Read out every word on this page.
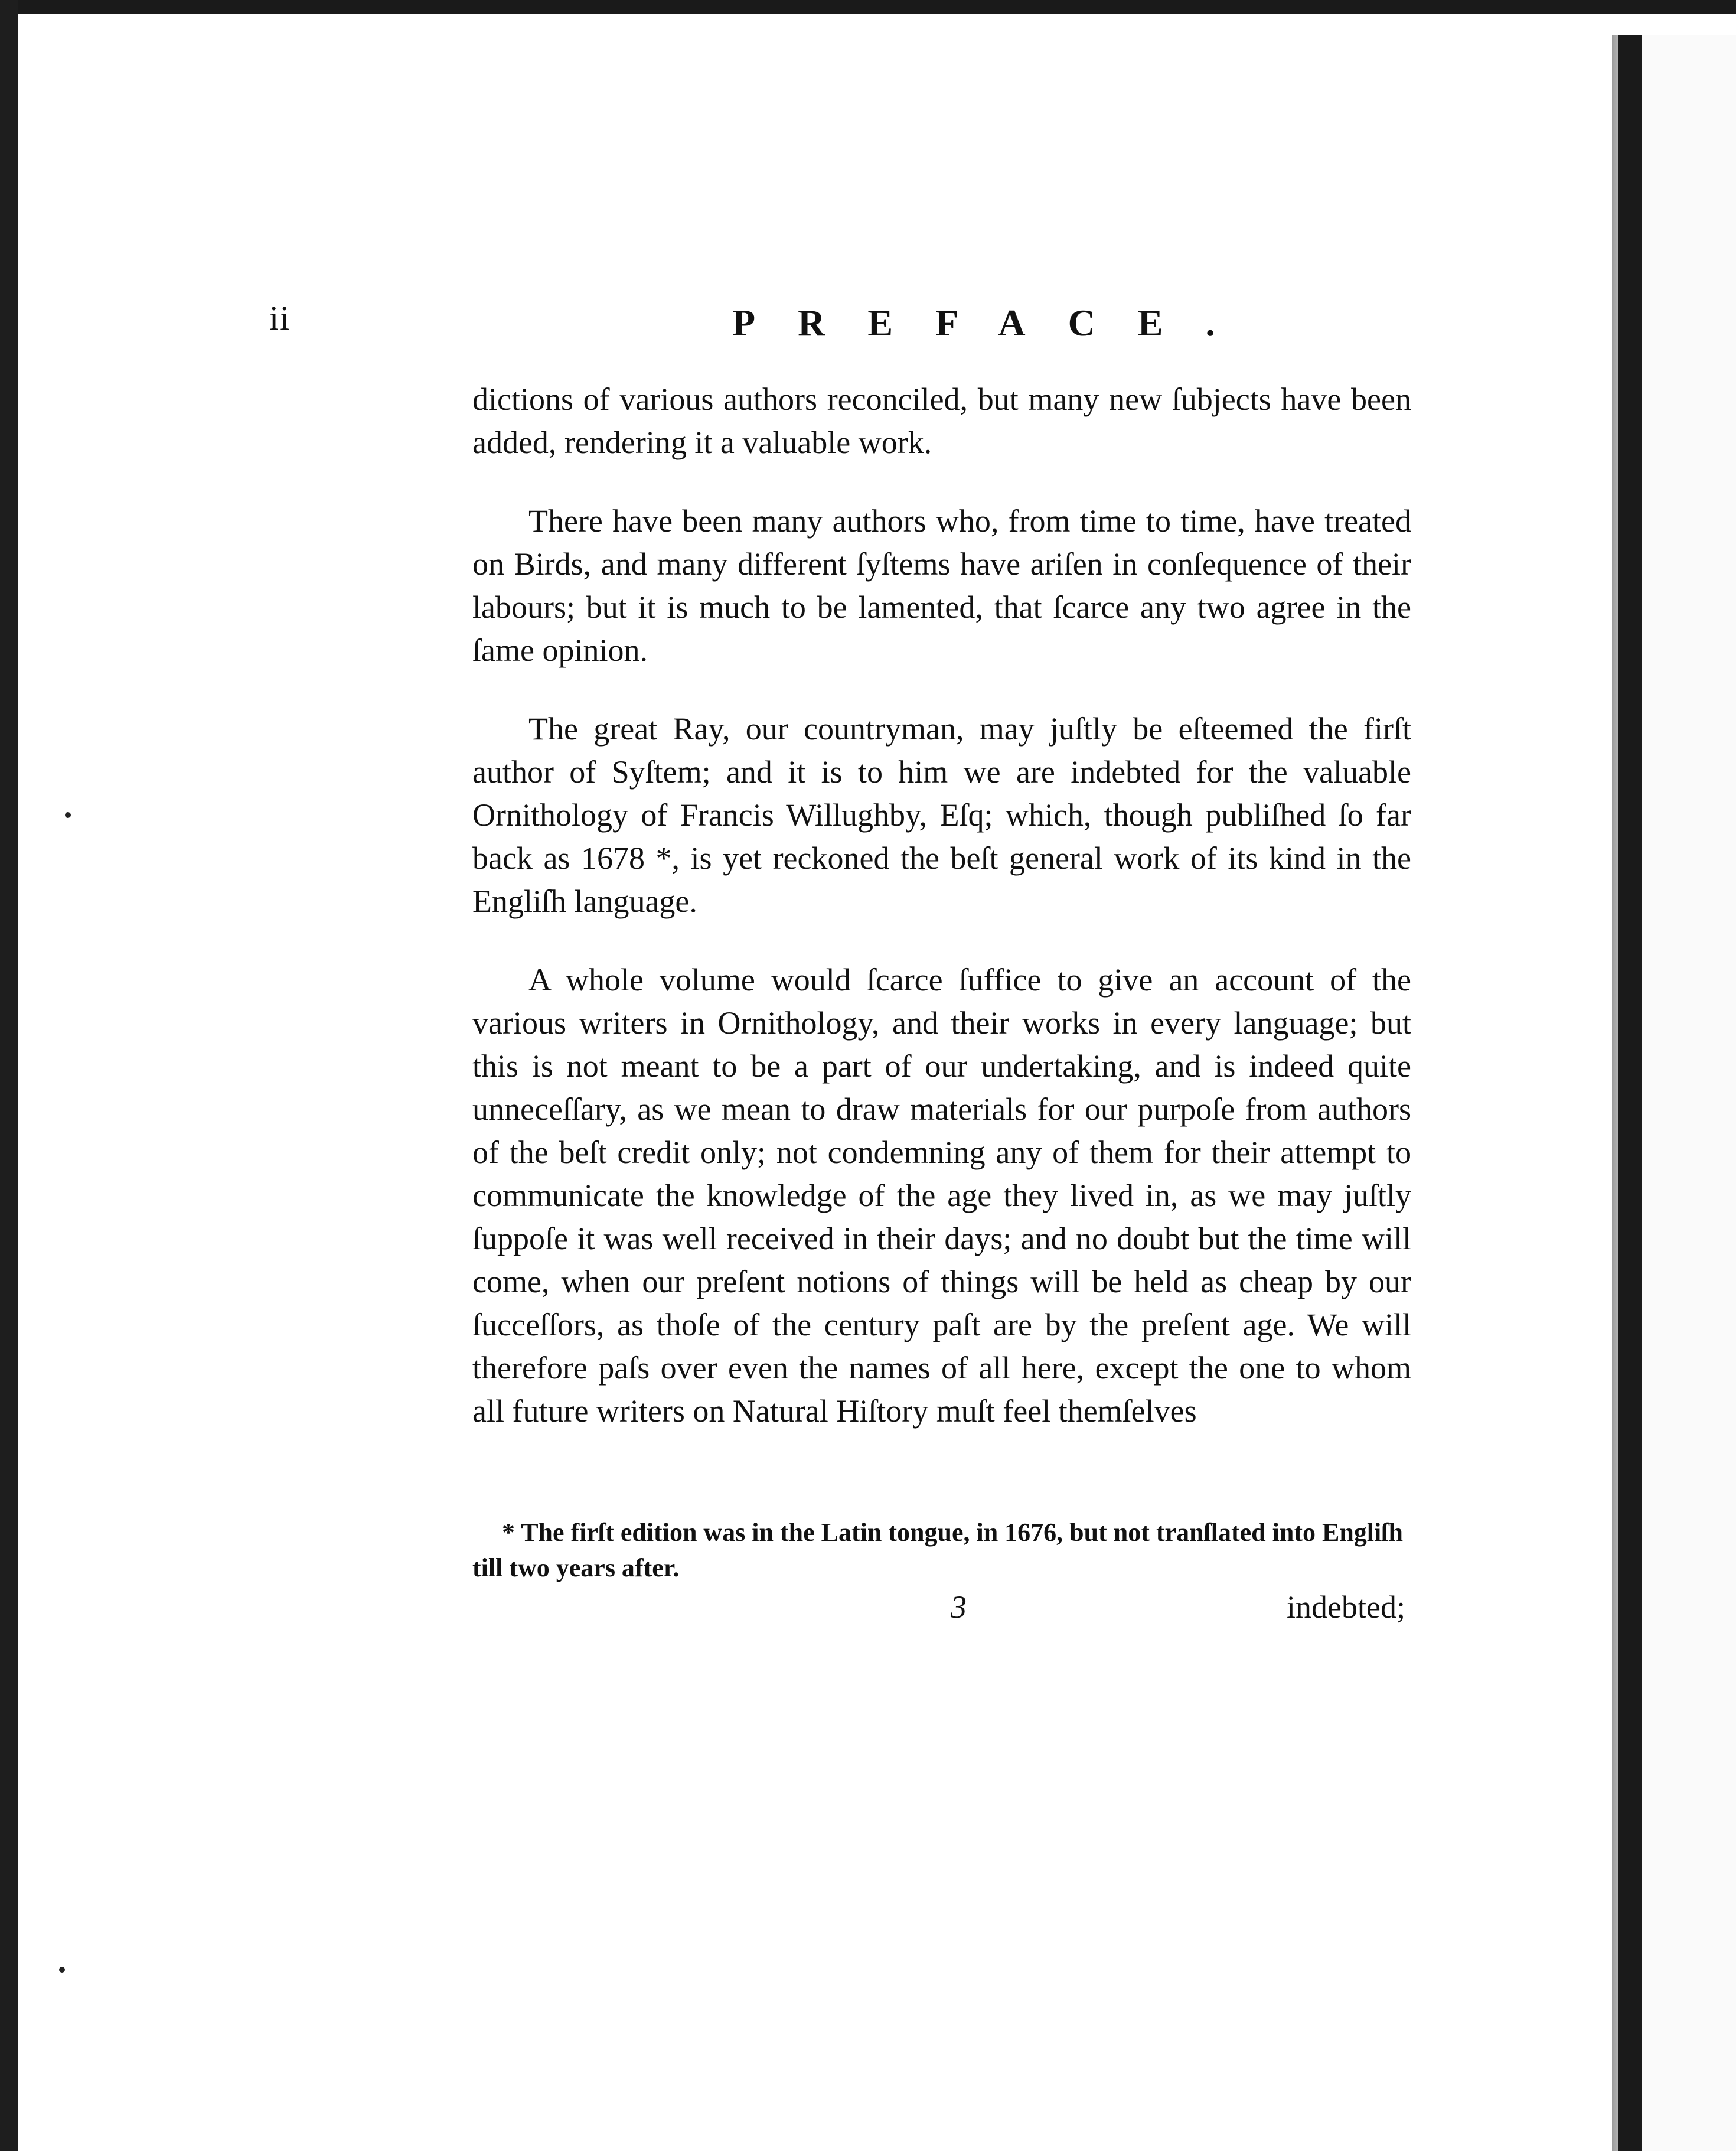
ii	PREFACE.

dictions of various authors reconciled, but many new ſubjects have been added, rendering it a valuable work.

There have been many authors who, from time to time, have treated on Birds, and many different ſyſtems have ariſen in conſequence of their labours; but it is much to be lamented, that ſcarce any two agree in the ſame opinion.

The great Ray, our countryman, may juſtly be eſteemed the firſt author of Syſtem; and it is to him we are indebted for the valuable Ornithology of Francis Willughby, Eſq; which, though publiſhed ſo far back as 1678 *, is yet reckoned the beſt general work of its kind in the Engliſh language.

A whole volume would ſcarce ſuffice to give an account of the various writers in Ornithology, and their works in every language; but this is not meant to be a part of our undertaking, and is indeed quite unneceſſary, as we mean to draw materials for our purpoſe from authors of the beſt credit only; not condemning any of them for their attempt to communicate the knowledge of the age they lived in, as we may juſtly ſuppoſe it was well received in their days; and no doubt but the time will come, when our preſent notions of things will be held as cheap by our ſucceſſors, as thoſe of the century paſt are by the preſent age. We will therefore paſs over even the names of all here, except the one to whom all future writers on Natural Hiſtory muſt feel themſelves

* The firſt edition was in the Latin tongue, in 1676, but not tranſlated into Engliſh till two years after.
3	indebted;
